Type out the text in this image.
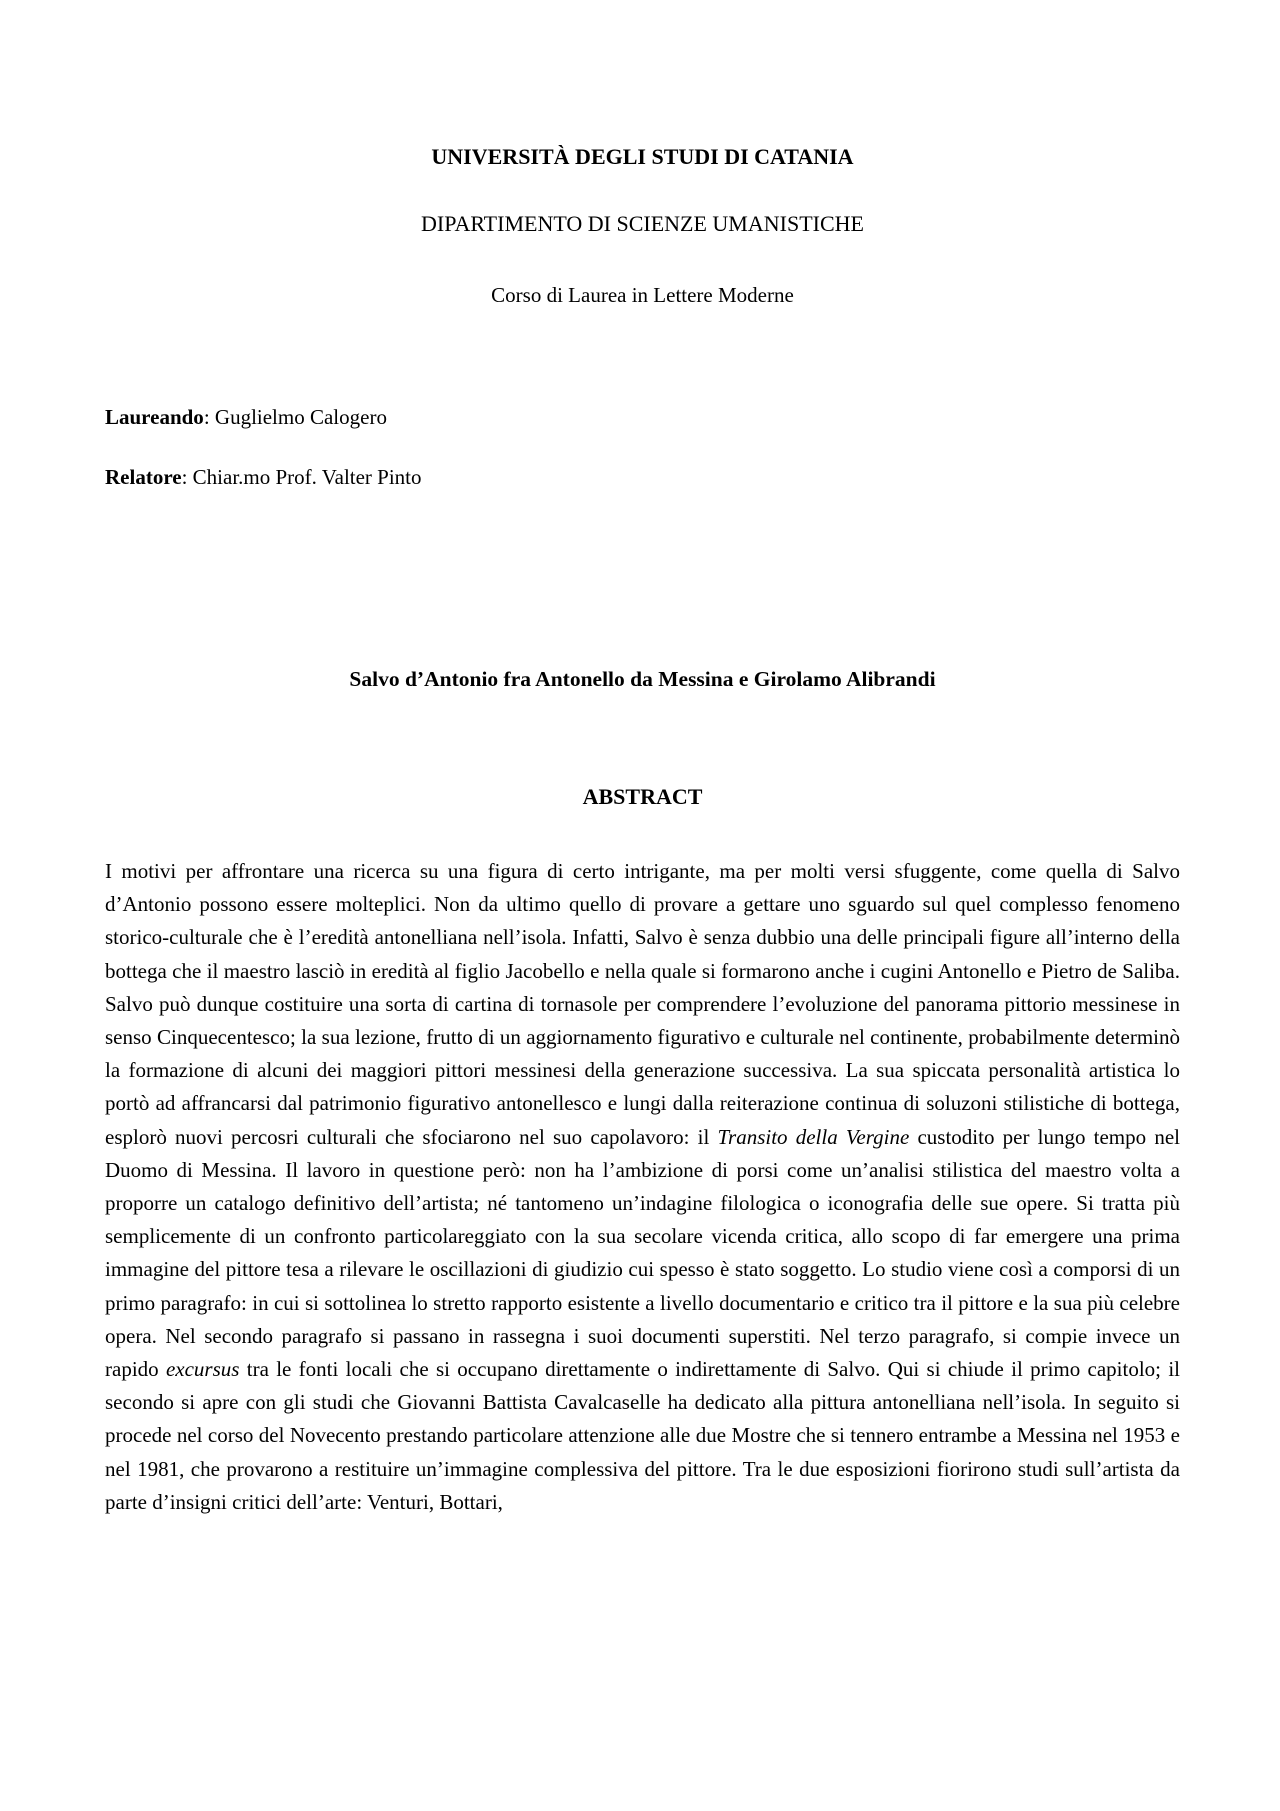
UNIVERSITÀ DEGLI STUDI DI CATANIA
DIPARTIMENTO DI SCIENZE UMANISTICHE
Corso di Laurea in Lettere Moderne
Laureando: Guglielmo Calogero
Relatore: Chiar.mo Prof. Valter Pinto
Salvo d’Antonio fra Antonello da Messina e Girolamo Alibrandi
ABSTRACT

I motivi per affrontare una ricerca su una figura di certo intrigante, ma per molti versi sfuggente, come quella di Salvo d’Antonio possono essere molteplici. Non da ultimo quello di provare a gettare uno sguardo sul quel complesso fenomeno storico-culturale che è l’eredità antonelliana nell’isola. Infatti, Salvo è senza dubbio una delle principali figure all’interno della bottega che il maestro lasciò in eredità al figlio Jacobello e nella quale si formarono anche i cugini Antonello e Pietro de Saliba. Salvo può dunque costituire una sorta di cartina di tornasole per comprendere l’evoluzione del panorama pittorio messinese in senso Cinquecentesco; la sua lezione, frutto di un aggiornamento figurativo e culturale nel continente, probabilmente determinò la formazione di alcuni dei maggiori pittori messinesi della generazione successiva. La sua spiccata personalità artistica lo portò ad affrancarsi dal patrimonio figurativo antonellesco e lungi dalla reiterazione continua di soluzoni stilistiche di bottega, esplorò nuovi percosri culturali che sfociarono nel suo capolavoro: il Transito della Vergine custodito per lungo tempo nel Duomo di Messina. Il lavoro in questione però: non ha l’ambizione di porsi come un’analisi stilistica del maestro volta a proporre un catalogo definitivo dell’artista; né tantomeno un’indagine filologica o iconografia delle sue opere. Si tratta più semplicemente di un confronto particolareggiato con la sua secolare vicenda critica, allo scopo di far emergere una prima immagine del pittore tesa a rilevare le oscillazioni di giudizio cui spesso è stato soggetto. Lo studio viene così a comporsi di un primo paragrafo: in cui si sottolinea lo stretto rapporto esistente a livello documentario e critico tra il pittore e la sua più celebre opera. Nel secondo paragrafo si passano in rassegna i suoi documenti superstiti. Nel terzo paragrafo, si compie invece un rapido excursus tra le fonti locali che si occupano direttamente o indirettamente di Salvo. Qui si chiude il primo capitolo; il secondo si apre con gli studi che Giovanni Battista Cavalcaselle ha dedicato alla pittura antonelliana nell’isola. In seguito si procede nel corso del Novecento prestando particolare attenzione alle due Mostre che si tennero entrambe a Messina nel 1953 e nel 1981, che provarono a restituire un’immagine complessiva del pittore. Tra le due esposizioni fiorirono studi sull’artista da parte d’insigni critici dell’arte: Venturi, Bottari,
